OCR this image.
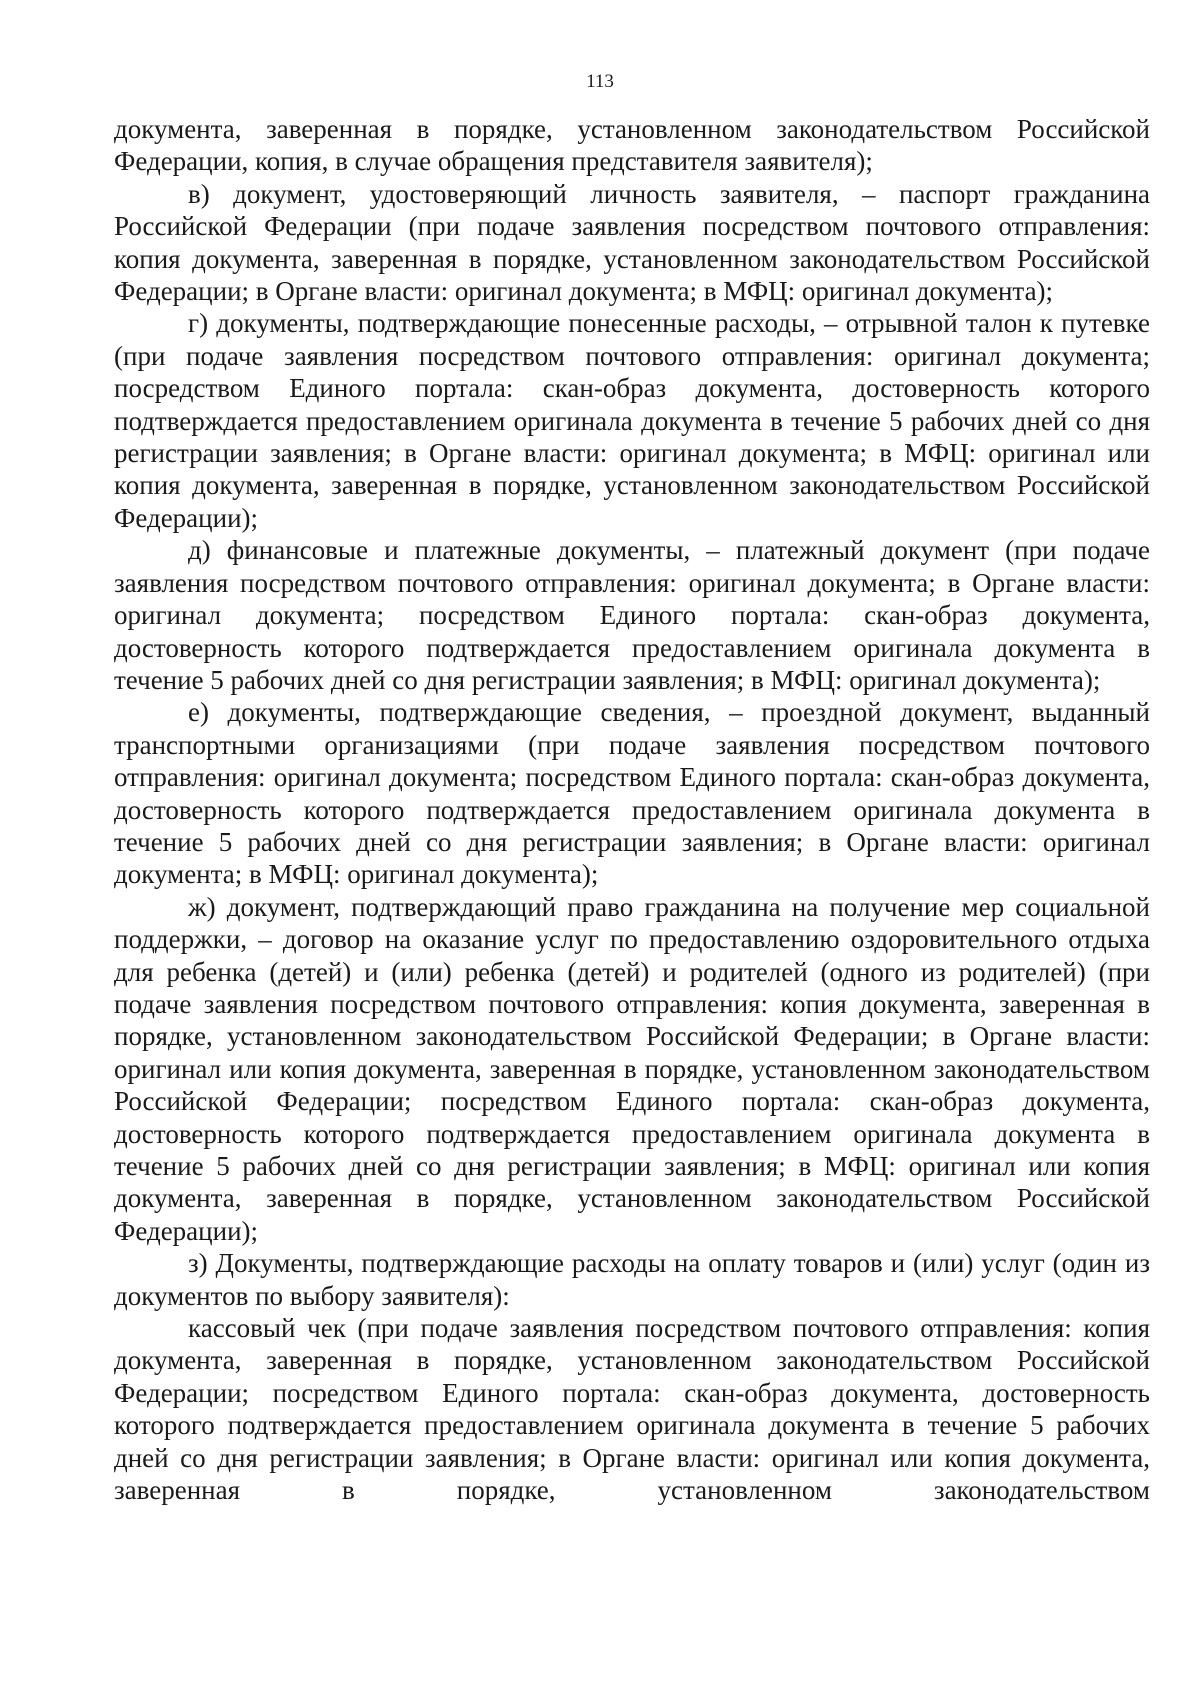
113

документа, заверенная в порядке, установленном законодательством Российской Федерации, копия, в случае обращения представителя заявителя);

в) документ, удостоверяющий личность заявителя, – паспорт гражданина Российской Федерации (при подаче заявления посредством почтового отправления: копия документа, заверенная в порядке, установленном законодательством Российской Федерации; в Органе власти: оригинал документа; в МФЦ: оригинал документа);

г) документы, подтверждающие понесенные расходы, – отрывной талон к путевке (при подаче заявления посредством почтового отправления: оригинал документа; посредством Единого портала: скан-образ документа, достоверность которого подтверждается предоставлением оригинала документа в течение 5 рабочих дней со дня регистрации заявления; в Органе власти: оригинал документа; в МФЦ: оригинал или копия документа, заверенная в порядке, установленном законодательством Российской Федерации);

д) финансовые и платежные документы, – платежный документ (при подаче заявления посредством почтового отправления: оригинал документа; в Органе власти: оригинал документа; посредством Единого портала: скан-образ документа, достоверность которого подтверждается предоставлением оригинала документа в течение 5 рабочих дней со дня регистрации заявления; в МФЦ: оригинал документа);

е) документы, подтверждающие сведения, – проездной документ, выданный транспортными организациями (при подаче заявления посредством почтового отправления: оригинал документа; посредством Единого портала: скан-образ документа, достоверность которого подтверждается предоставлением оригинала документа в течение 5 рабочих дней со дня регистрации заявления; в Органе власти: оригинал документа; в МФЦ: оригинал документа);

ж) документ, подтверждающий право гражданина на получение мер социальной поддержки, – договор на оказание услуг по предоставлению оздоровительного отдыха для ребенка (детей) и (или) ребенка (детей) и родителей (одного из родителей) (при подаче заявления посредством почтового отправления: копия документа, заверенная в порядке, установленном законодательством Российской Федерации; в Органе власти: оригинал или копия документа, заверенная в порядке, установленном законодательством Российской Федерации; посредством Единого портала: скан-образ документа, достоверность которого подтверждается предоставлением оригинала документа в течение 5 рабочих дней со дня регистрации заявления; в МФЦ: оригинал или копия документа, заверенная в порядке, установленном законодательством Российской Федерации);

з) Документы, подтверждающие расходы на оплату товаров и (или) услуг (один из документов по выбору заявителя):

кассовый чек (при подаче заявления посредством почтового отправления: копия документа, заверенная в порядке, установленном законодательством Российской Федерации; посредством Единого портала: скан-образ документа, достоверность которого подтверждается предоставлением оригинала документа в течение 5 рабочих дней со дня регистрации заявления; в Органе власти: оригинал или копия документа, заверенная в порядке, установленном законодательством
